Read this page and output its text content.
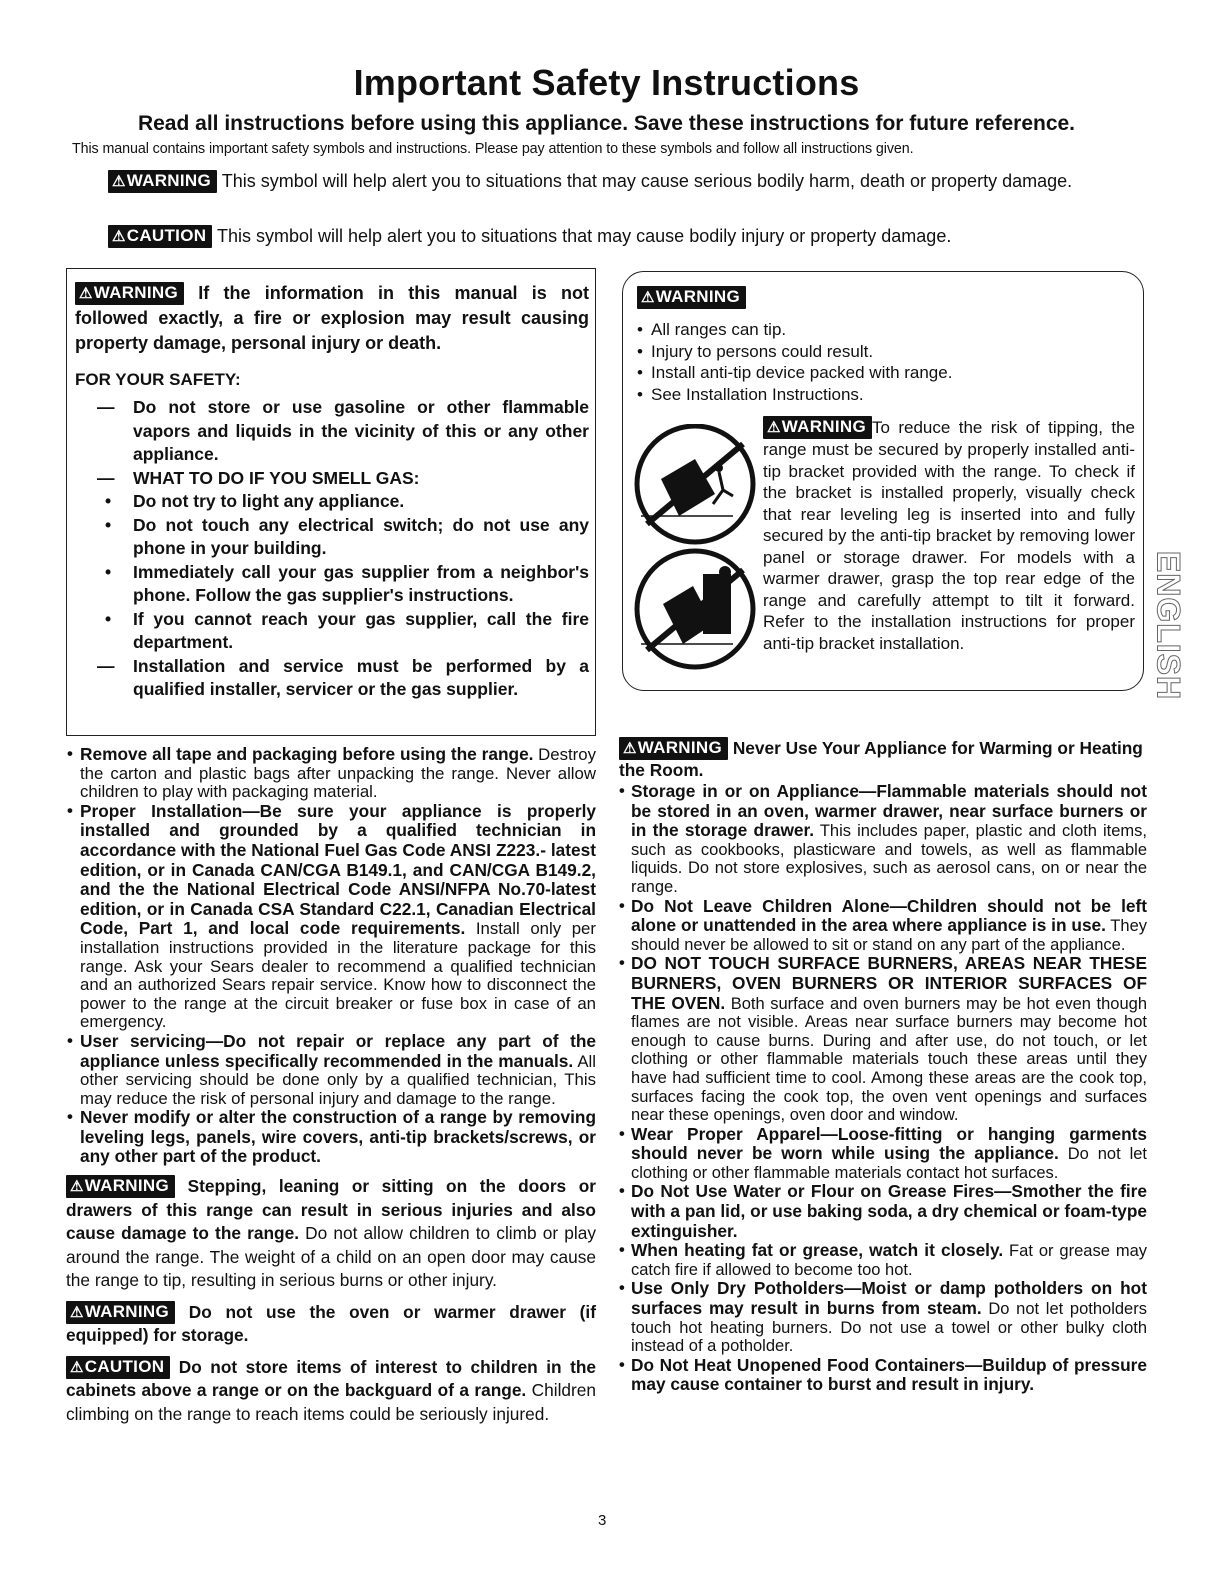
Important Safety Instructions
Read all instructions before using this appliance. Save these instructions for future reference.
This manual contains important safety symbols and instructions. Please pay attention to these symbols and follow all instructions given.
⚠WARNING This symbol will help alert you to situations that may cause serious bodily harm, death or property damage.
⚠CAUTION This symbol will help alert you to situations that may cause bodily injury or property damage.
⚠WARNING If the information in this manual is not followed exactly, a fire or explosion may result causing property damage, personal injury or death.
FOR YOUR SAFETY:
— Do not store or use gasoline or other flammable vapors and liquids in the vicinity of this or any other appliance.
— WHAT TO DO IF YOU SMELL GAS:
• Do not try to light any appliance.
• Do not touch any electrical switch; do not use any phone in your building.
• Immediately call your gas supplier from a neighbor's phone. Follow the gas supplier's instructions.
• If you cannot reach your gas supplier, call the fire department.
— Installation and service must be performed by a qualified installer, servicer or the gas supplier.
⚠WARNING
• All ranges can tip.
• Injury to persons could result.
• Install anti-tip device packed with range.
• See Installation Instructions.
⚠WARNING To reduce the risk of tipping, the range must be secured by properly installed anti-tip bracket provided with the range. To check if the bracket is installed properly, visually check that rear leveling leg is inserted into and fully secured by the anti-tip bracket by removing lower panel or storage drawer. For models with a warmer drawer, grasp the top rear edge of the range and carefully attempt to tilt it forward. Refer to the installation instructions for proper anti-tip bracket installation.	ENGLISH
• Remove all tape and packaging before using the range. Destroy the carton and plastic bags after unpacking the range. Never allow children to play with packaging material.
• Proper Installation—Be sure your appliance is properly installed and grounded by a qualified technician in accordance with the National Fuel Gas Code ANSI Z223.- latest edition, or in Canada CAN/CGA B149.1, and CAN/CGA B149.2, and the the National Electrical Code ANSI/NFPA No.70-latest edition, or in Canada CSA Standard C22.1, Canadian Electrical Code, Part 1, and local code requirements. Install only per installation instructions provided in the literature package for this range. Ask your Sears dealer to recommend a qualified technician and an authorized Sears repair service. Know how to disconnect the power to the range at the circuit breaker or fuse box in case of an emergency.
• User servicing—Do not repair or replace any part of the appliance unless specifically recommended in the manuals. All other servicing should be done only by a qualified technician, This may reduce the risk of personal injury and damage to the range.
• Never modify or alter the construction of a range by removing leveling legs, panels, wire covers, anti-tip brackets/screws, or any other part of the product.
⚠WARNING Stepping, leaning or sitting on the doors or drawers of this range can result in serious injuries and also cause damage to the range. Do not allow children to climb or play around the range. The weight of a child on an open door may cause the range to tip, resulting in serious burns or other injury.
⚠WARNING Do not use the oven or warmer drawer (if equipped) for storage.
⚠CAUTION Do not store items of interest to children in the cabinets above a range or on the backguard of a range. Children climbing on the range to reach items could be seriously injured.
⚠WARNING Never Use Your Appliance for Warming or Heating the Room.
• Storage in or on Appliance—Flammable materials should not be stored in an oven, warmer drawer, near surface burners or in the storage drawer. This includes paper, plastic and cloth items, such as cookbooks, plasticware and towels, as well as flammable liquids. Do not store explosives, such as aerosol cans, on or near the range.
• Do Not Leave Children Alone—Children should not be left alone or unattended in the area where appliance is in use. They should never be allowed to sit or stand on any part of the appliance.
• DO NOT TOUCH SURFACE BURNERS, AREAS NEAR THESE BURNERS, OVEN BURNERS OR INTERIOR SURFACES OF THE OVEN. Both surface and oven burners may be hot even though flames are not visible. Areas near surface burners may become hot enough to cause burns. During and after use, do not touch, or let clothing or other flammable materials touch these areas until they have had sufficient time to cool. Among these areas are the cook top, surfaces facing the cook top, the oven vent openings and surfaces near these openings, oven door and window.
• Wear Proper Apparel—Loose-fitting or hanging garments should never be worn while using the appliance. Do not let clothing or other flammable materials contact hot surfaces.
• Do Not Use Water or Flour on Grease Fires—Smother the fire with a pan lid, or use baking soda, a dry chemical or foam-type extinguisher.
• When heating fat or grease, watch it closely. Fat or grease may catch fire if allowed to become too hot.
• Use Only Dry Potholders—Moist or damp potholders on hot surfaces may result in burns from steam. Do not let potholders touch hot heating burners. Do not use a towel or other bulky cloth instead of a potholder.
• Do Not Heat Unopened Food Containers—Buildup of pressure may cause container to burst and result in injury.
3
